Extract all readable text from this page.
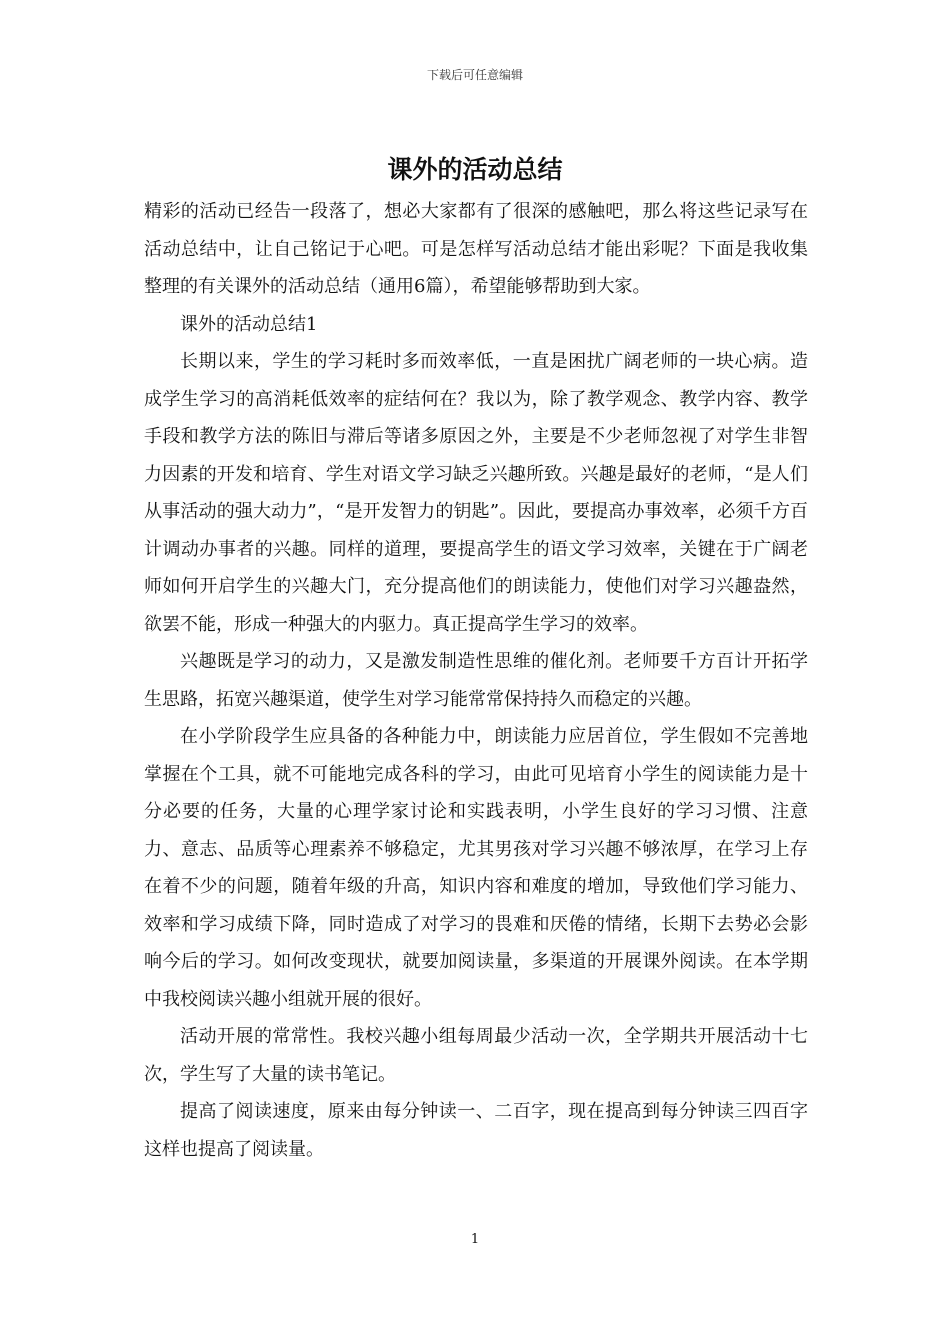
下载后可任意编辑
课外的活动总结

精彩的活动已经告一段落了，想必大家都有了很深的感触吧，那么将这些记录写在活动总结中，让自己铭记于心吧。可是怎样写活动总结才能出彩呢？下面是我收集整理的有关课外的活动总结（通用6篇），希望能够帮助到大家。

课外的活动总结1

长期以来，学生的学习耗时多而效率低，一直是困扰广阔老师的一块心病。造成学生学习的高消耗低效率的症结何在？我以为，除了教学观念、教学内容、教学手段和教学方法的陈旧与滞后等诸多原因之外，主要是不少老师忽视了对学生非智力因素的开发和培育、学生对语文学习缺乏兴趣所致。兴趣是最好的老师，“是人们从事活动的强大动力”，“是开发智力的钥匙”。因此，要提高办事效率，必须千方百计调动办事者的兴趣。同样的道理，要提高学生的语文学习效率，关键在于广阔老师如何开启学生的兴趣大门，充分提高他们的朗读能力，使他们对学习兴趣盎然，欲罢不能，形成一种强大的内驱力。真正提高学生学习的效率。

兴趣既是学习的动力，又是激发制造性思维的催化剂。老师要千方百计开拓学生思路，拓宽兴趣渠道，使学生对学习能常常保持持久而稳定的兴趣。

在小学阶段学生应具备的各种能力中，朗读能力应居首位，学生假如不完善地掌握在个工具，就不可能地完成各科的学习，由此可见培育小学生的阅读能力是十分必要的任务，大量的心理学家讨论和实践表明，小学生良好的学习习惯、注意力、意志、品质等心理素养不够稳定，尤其男孩对学习兴趣不够浓厚，在学习上存在着不少的问题，随着年级的升高，知识内容和难度的增加，导致他们学习能力、效率和学习成绩下降，同时造成了对学习的畏难和厌倦的情绪，长期下去势必会影响今后的学习。如何改变现状，就要加阅读量，多渠道的开展课外阅读。在本学期中我校阅读兴趣小组就开展的很好。

活动开展的常常性。我校兴趣小组每周最少活动一次，全学期共开展活动十七次，学生写了大量的读书笔记。

提高了阅读速度，原来由每分钟读一、二百字，现在提高到每分钟读三四百字这样也提高了阅读量。

1
